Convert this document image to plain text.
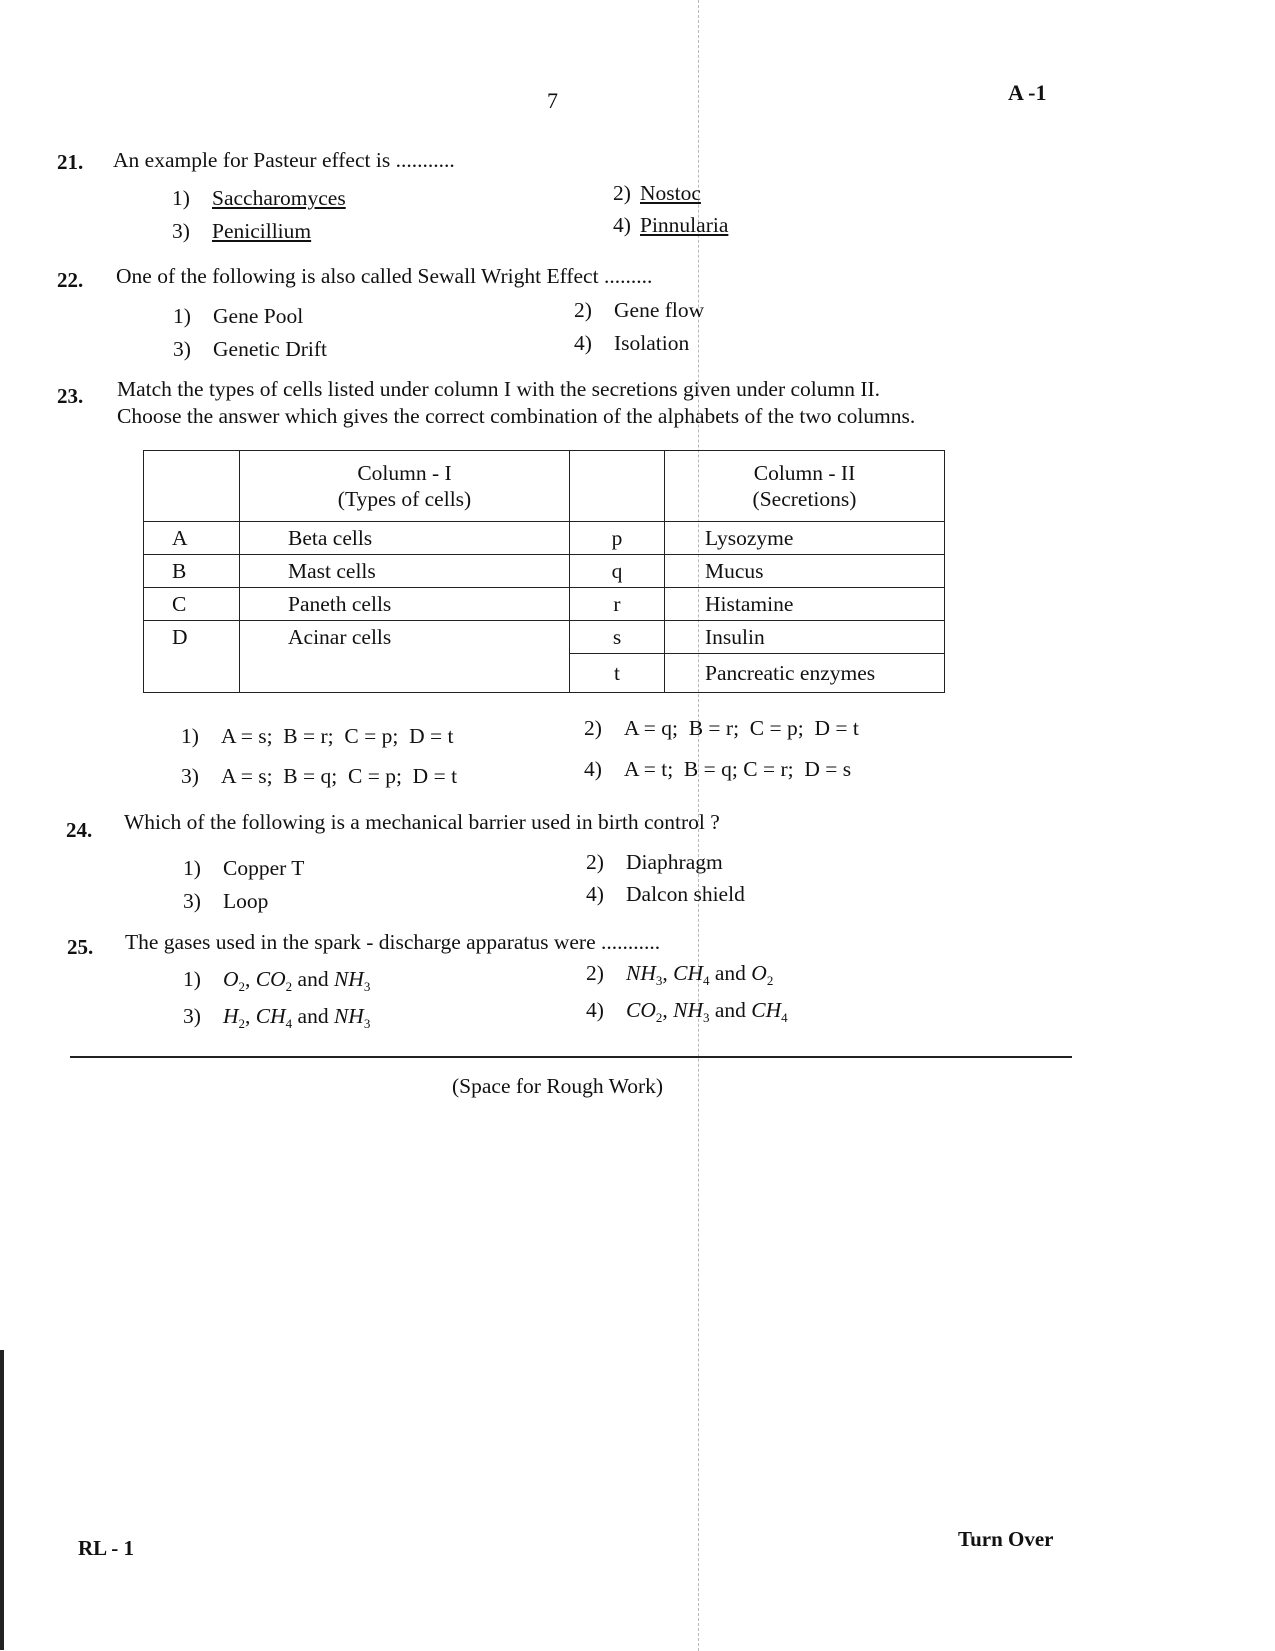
7	A -1
21. An example for Pasteur effect is ...........
1) Saccharomyces	2) Nostoc
3) Penicillium	4) Pinnularia
22. One of the following is also called Sewall Wright Effect .........
1) Gene Pool	2) Gene flow
3) Genetic Drift	4) Isolation
23. Match the types of cells listed under column I with the secretions given under column II.
Choose the answer which gives the correct combination of the alphabets of the two columns.
	Column - I
(Types of cells)		Column - II
(Secretions)
A	Beta cells	p	Lysozyme
B	Mast cells	q	Mucus
C	Paneth cells	r	Histamine
D	Acinar cells	s	Insulin
		t	Pancreatic enzymes
1) A = s;  B = r;  C = p;  D = t	2) A = q;  B = r;  C = p;  D = t
3) A = s;  B = q;  C = p;  D = t	4) A = t;  B = q; C = r;  D = s
24. Which of the following is a mechanical barrier used in birth control ?
1) Copper T	2) Diaphragm
3) Loop	4) Dalcon shield
25. The gases used in the spark - discharge apparatus were ...........
1) $O_2$, $CO_2$ and $NH_3$
2) $NH_3$, $CH_4$ and $O_2$
3) $H_2$, $CH_4$ and $NH_3$
4) $CO_2$, $NH_3$ and $CH_4$
(Space for Rough Work)
RL - 1	Turn Over
